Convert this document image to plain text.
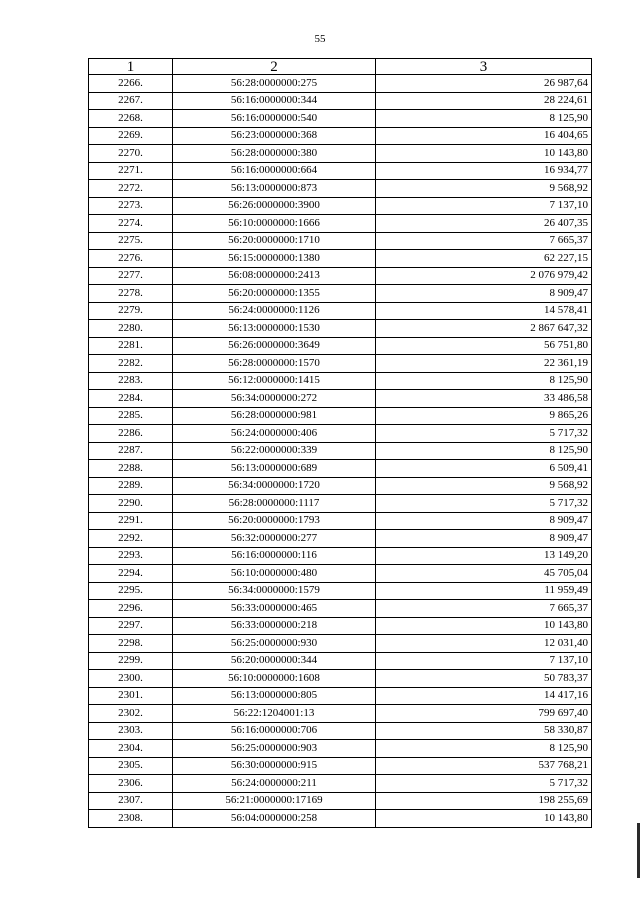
55
1	2	3
2266.	56:28:0000000:275	26 987,64
2267.	56:16:0000000:344	28 224,61
2268.	56:16:0000000:540	8 125,90
2269.	56:23:0000000:368	16 404,65
2270.	56:28:0000000:380	10 143,80
2271.	56:16:0000000:664	16 934,77
2272.	56:13:0000000:873	9 568,92
2273.	56:26:0000000:3900	7 137,10
2274.	56:10:0000000:1666	26 407,35
2275.	56:20:0000000:1710	7 665,37
2276.	56:15:0000000:1380	62 227,15
2277.	56:08:0000000:2413	2 076 979,42
2278.	56:20:0000000:1355	8 909,47
2279.	56:24:0000000:1126	14 578,41
2280.	56:13:0000000:1530	2 867 647,32
2281.	56:26:0000000:3649	56 751,80
2282.	56:28:0000000:1570	22 361,19
2283.	56:12:0000000:1415	8 125,90
2284.	56:34:0000000:272	33 486,58
2285.	56:28:0000000:981	9 865,26
2286.	56:24:0000000:406	5 717,32
2287.	56:22:0000000:339	8 125,90
2288.	56:13:0000000:689	6 509,41
2289.	56:34:0000000:1720	9 568,92
2290.	56:28:0000000:1117	5 717,32
2291.	56:20:0000000:1793	8 909,47
2292.	56:32:0000000:277	8 909,47
2293.	56:16:0000000:116	13 149,20
2294.	56:10:0000000:480	45 705,04
2295.	56:34:0000000:1579	11 959,49
2296.	56:33:0000000:465	7 665,37
2297.	56:33:0000000:218	10 143,80
2298.	56:25:0000000:930	12 031,40
2299.	56:20:0000000:344	7 137,10
2300.	56:10:0000000:1608	50 783,37
2301.	56:13:0000000:805	14 417,16
2302.	56:22:1204001:13	799 697,40
2303.	56:16:0000000:706	58 330,87
2304.	56:25:0000000:903	8 125,90
2305.	56:30:0000000:915	537 768,21
2306.	56:24:0000000:211	5 717,32
2307.	56:21:0000000:17169	198 255,69
2308.	56:04:0000000:258	10 143,80
